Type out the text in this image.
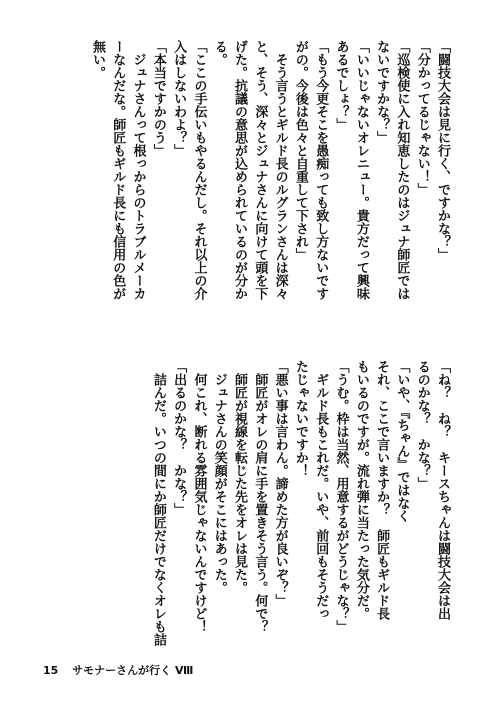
「闘技大会は見に行く、ですかな？」
「分かってるじゃない！」
「巡検使に入れ知恵したのはジュナ師匠ではないですかな？」
「いいじゃないオレニュー。貴方だって興味あるでしょ？」
「もう今更そこを愚痴っても致し方ないですがの。今後は色々と自重して下され」
　そう言うとギルド長のルグランさんは深々と、そう、深々とジュナさんに向けて頭を下げた。抗議の意思が込められているのが分かる。
「ここの手伝いもやるんだし。それ以上の介入はしないわよ？」
「本当ですかのう」
　ジュナさんって根っからのトラブルメーカーなんだな。師匠もギルド長にも信用の色が無い。
「ね？　ね？　キースちゃんは闘技大会は出るのかな？　かな？」
「いや、『ちゃん』ではなく
それ、ここで言いますか？　師匠もギルド長もいるのですが。流れ弾に当たった気分だ。
「うむ。枠は当然、用意するがどうじゃな？」
　ギルド長もこれだ。いや、前回もそうだったじゃないですか！
「悪い事は言わん。諦めた方が良いぞ？」
　師匠がオレの肩に手を置きそう言う。何で？
　師匠が視線を転じた先をオレは見た。
　ジュナさんの笑顔がそこにはあった。
　何これ、断れる雰囲気じゃないんですけど！
「出るのかな？　かな？」
　詰んだ。いつの間にか師匠だけでなくオレも詰
15 サモナーさんが行く Ⅷ
